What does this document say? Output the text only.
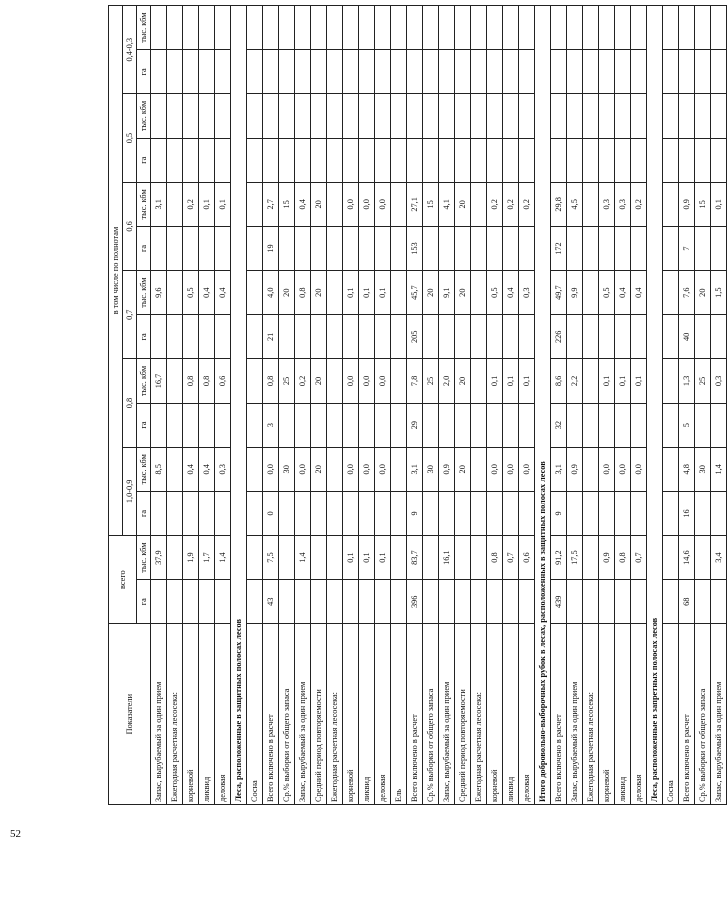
52
Показатели	всего		в том числе по полнотам											
			1,0-0,9		0,8		0,7		0,6		0,5		0,4-0,3	
	га	тыс. кбм	га	тыс. кбм	га	тыс. кбм	га	тыс. кбм	га	тыс. кбм	га	тыс. кбм	га	тыс. кбм
Запас, вырубаемый за один прием		37,9		8,5		16,7		9,6		3,1				
Ежегодная расчетная лесосека:														
корневой		1,9		0,4		0,8		0,5		0,2				
ликвид		1,7		0,4		0,8		0,4		0,1				
деловая		1,4		0,3		0,6		0,4		0,1				
Леса, расположенные в защитных полосах лесов														
Сосна														
Всего включено в расчет	43	7,5	0	0,0	3	0,8	21	4,0	19	2,7				
Ср.% выборки от общего запаса				30		25		20		15				
Запас, вырубаемый за один прием		1,4		0,0		0,2		0,8		0,4				
Средний период повторяемости				20		20		20		20				
Ежегодная расчетная лесосека:														
корневой		0,1		0,0		0,0		0,1		0,0				
ликвид		0,1		0,0		0,0		0,1		0,0				
деловая		0,1		0,0		0,0		0,1		0,0				
Ель														
Всего включено в расчет	396	83,7	9	3,1	29	7,8	205	45,7	153	27,1				
Ср.% выборки от общего запаса				30		25		20		15				
Запас, вырубаемый за один прием		16,1		0,9		2,0		9,1		4,1				
Средний период повторяемости				20		20		20		20				
Ежегодная расчетная лесосека:														
корневой		0,8		0,0		0,1		0,5		0,2				
ликвид		0,7		0,0		0,1		0,4		0,2				
деловая		0,6		0,0		0,1		0,3		0,2				
Итого добровольно-выборочных рубок в лесах, расположенных в защитных полосах лесов														
Всего включено в расчет	439	91,2	9	3,1	32	8,6	226	49,7	172	29,8				
Запас, вырубаемый за один прием		17,5		0,9		2,2		9,9		4,5				
Ежегодная расчетная лесосека:														
корневой		0,9		0,0		0,1		0,5		0,3				
ликвид		0,8		0,0		0,1		0,4		0,3				
деловая		0,7		0,0		0,1		0,4		0,2				
Леса, расположенные в запретных полосах лесов														
Сосна														
Всего включено в расчет	68	14,6	16	4,8	5	1,3	40	7,6	7	0,9				
Ср.% выборки от общего запаса				30		25		20		15				
Запас, вырубаемый за один прием		3,4		1,4		0,3		1,5		0,1				
